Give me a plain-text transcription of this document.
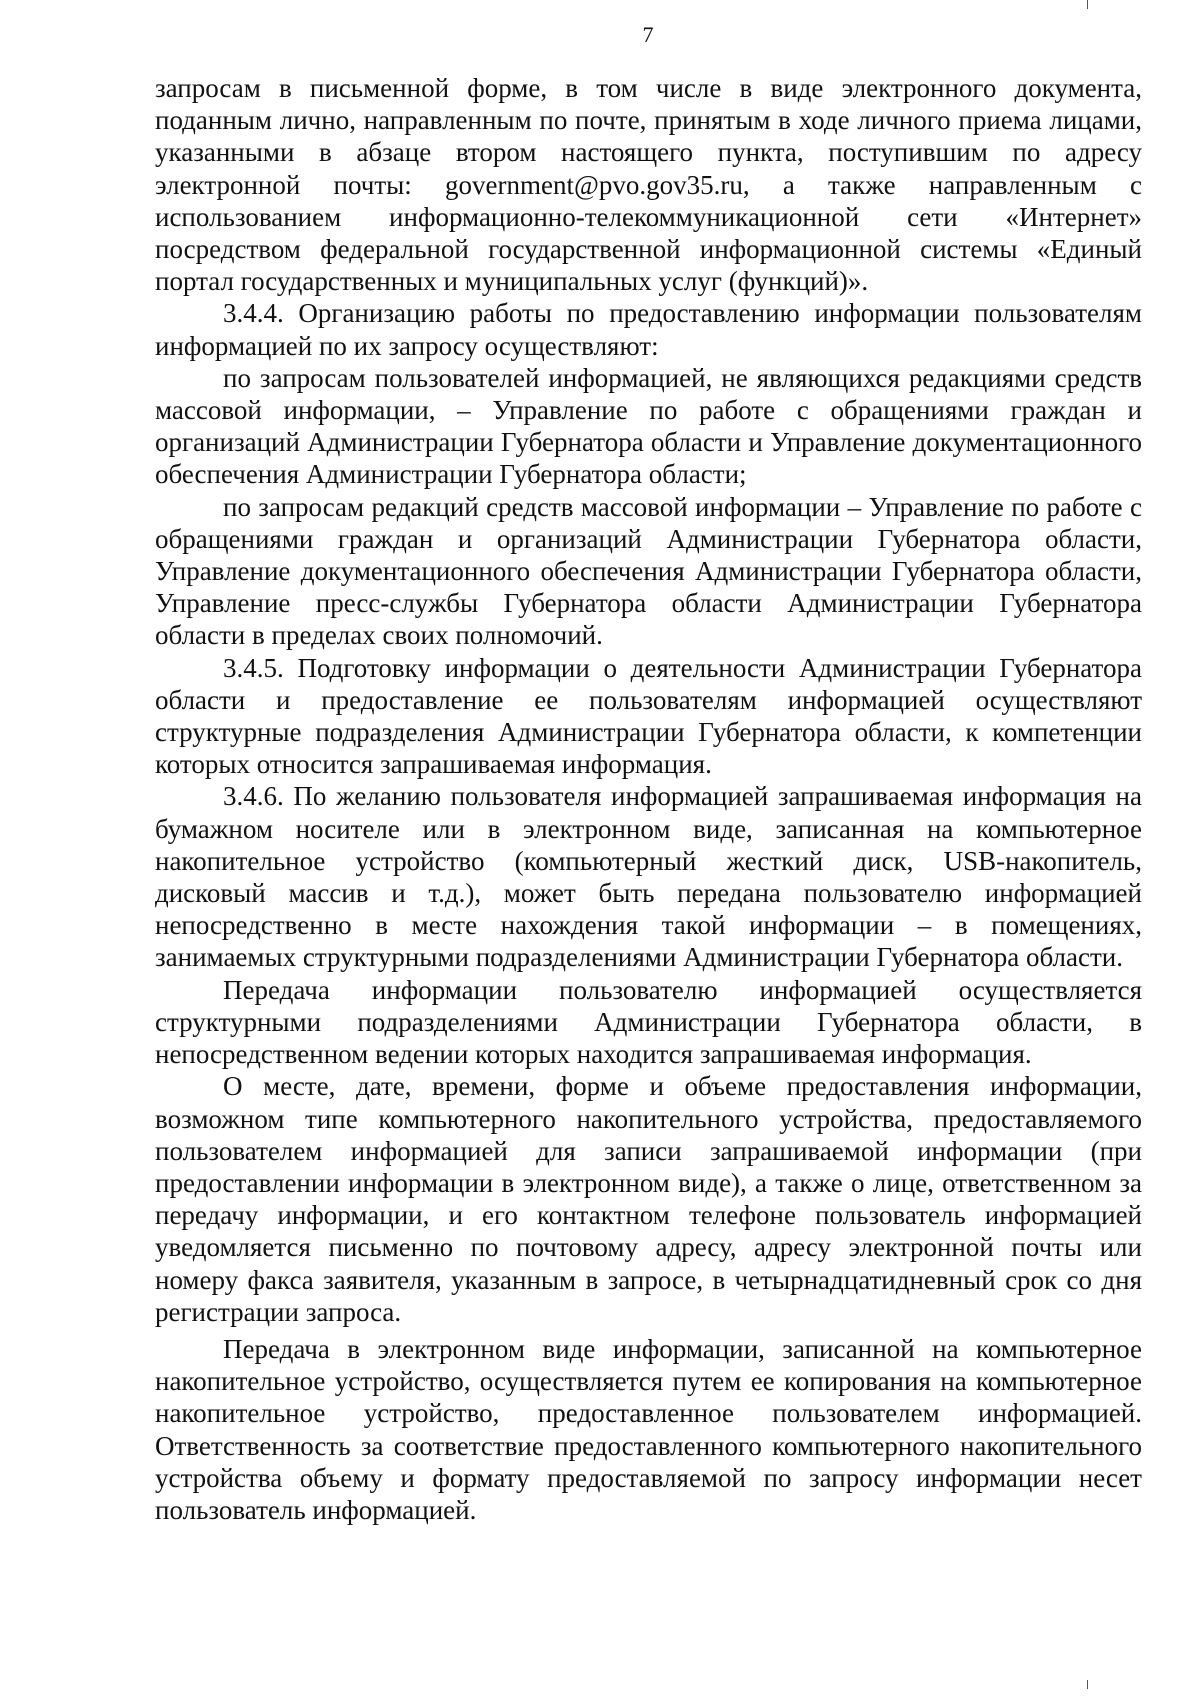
7

запросам в письменной форме, в том числе в виде электронного документа, поданным лично, направленным по почте, принятым в ходе личного приема лицами, указанными в абзаце втором настоящего пункта, поступившим по адресу электронной почты: government@pvo.gov35.ru, а также направленным с использованием информационно-телекоммуникационной сети «Интернет» посредством федеральной государственной информационной системы «Единый портал государственных и муниципальных услуг (функций)».

3.4.4. Организацию работы по предоставлению информации пользователям информацией по их запросу осуществляют:

по запросам пользователей информацией, не являющихся редакциями средств массовой информации, – Управление по работе с обращениями граждан и организаций Администрации Губернатора области и Управление документационного обеспечения Администрации Губернатора области;

по запросам редакций средств массовой информации – Управление по работе с обращениями граждан и организаций Администрации Губернатора области, Управление документационного обеспечения Администрации Губернатора области, Управление пресс-службы Губернатора области Администрации Губернатора области в пределах своих полномочий.

3.4.5. Подготовку информации о деятельности Администрации Губернатора области и предоставление ее пользователям информацией осуществляют структурные подразделения Администрации Губернатора области, к компетенции которых относится запрашиваемая информация.

3.4.6. По желанию пользователя информацией запрашиваемая информация на бумажном носителе или в электронном виде, записанная на компьютерное накопительное устройство (компьютерный жесткий диск, USB-накопитель, дисковый массив и т.д.), может быть передана пользователю информацией непосредственно в месте нахождения такой информации – в помещениях, занимаемых структурными подразделениями Администрации Губернатора области.

Передача информации пользователю информацией осуществляется структурными подразделениями Администрации Губернатора области, в непосредственном ведении которых находится запрашиваемая информация.

О месте, дате, времени, форме и объеме предоставления информации, возможном типе компьютерного накопительного устройства, предоставляемого пользователем информацией для записи запрашиваемой информации (при предоставлении информации в электронном виде), а также о лице, ответственном за передачу информации, и его контактном телефоне пользователь информацией уведомляется письменно по почтовому адресу, адресу электронной почты или номеру факса заявителя, указанным в запросе, в четырнадцатидневный срок со дня регистрации запроса.

Передача в электронном виде информации, записанной на компьютерное накопительное устройство, осуществляется путем ее копирования на компьютерное накопительное устройство, предоставленное пользователем информацией. Ответственность за соответствие предоставленного компьютерного накопительного устройства объему и формату предоставляемой по запросу информации несет пользователь информацией.
